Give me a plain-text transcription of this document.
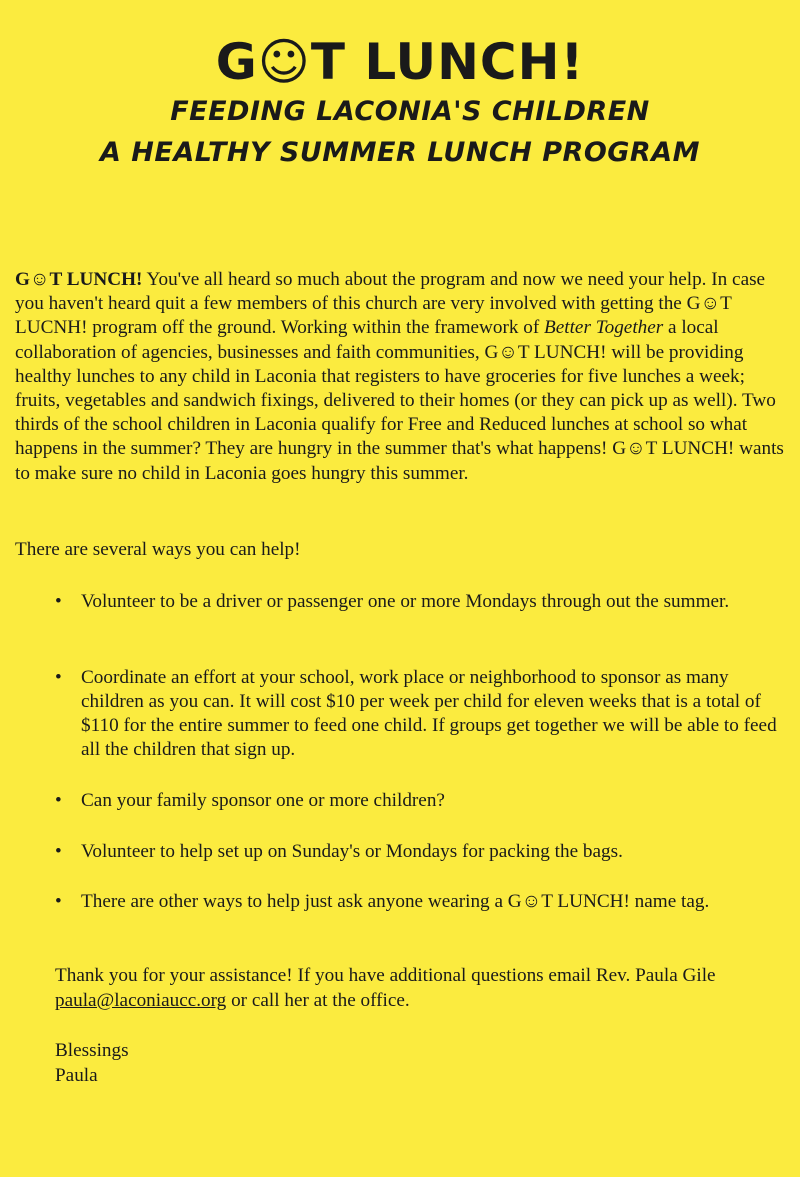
G☺T LUNCH!
FEEDING LACONIA'S CHILDREN
A HEALTHY SUMMER LUNCH PROGRAM
G☺T LUNCH! You've all heard so much about the program and now we need your help. In case you haven't heard quit a few members of this church are very involved with getting the G☺T LUCNH! program off the ground. Working within the framework of Better Together a local collaboration of agencies, businesses and faith communities, G☺T LUNCH! will be providing healthy lunches to any child in Laconia that registers to have groceries for five lunches a week; fruits, vegetables and sandwich fixings, delivered to their homes (or they can pick up as well). Two thirds of the school children in Laconia qualify for Free and Reduced lunches at school so what happens in the summer? They are hungry in the summer that's what happens! G☺T LUNCH! wants to make sure no child in Laconia goes hungry this summer.
There are several ways you can help!
• Volunteer to be a driver or passenger one or more Mondays through out the summer.
• Coordinate an effort at your school, work place or neighborhood to sponsor as many children as you can. It will cost $10 per week per child for eleven weeks that is a total of $110 for the entire summer to feed one child. If groups get together we will be able to feed all the children that sign up.
• Can your family sponsor one or more children?
• Volunteer to help set up on Sunday's or Mondays for packing the bags.
• There are other ways to help just ask anyone wearing a G☺T LUNCH! name tag.
Thank you for your assistance! If you have additional questions email Rev. Paula Gile paula@laconiaucc.org or call her at the office.
Blessings
Paula
